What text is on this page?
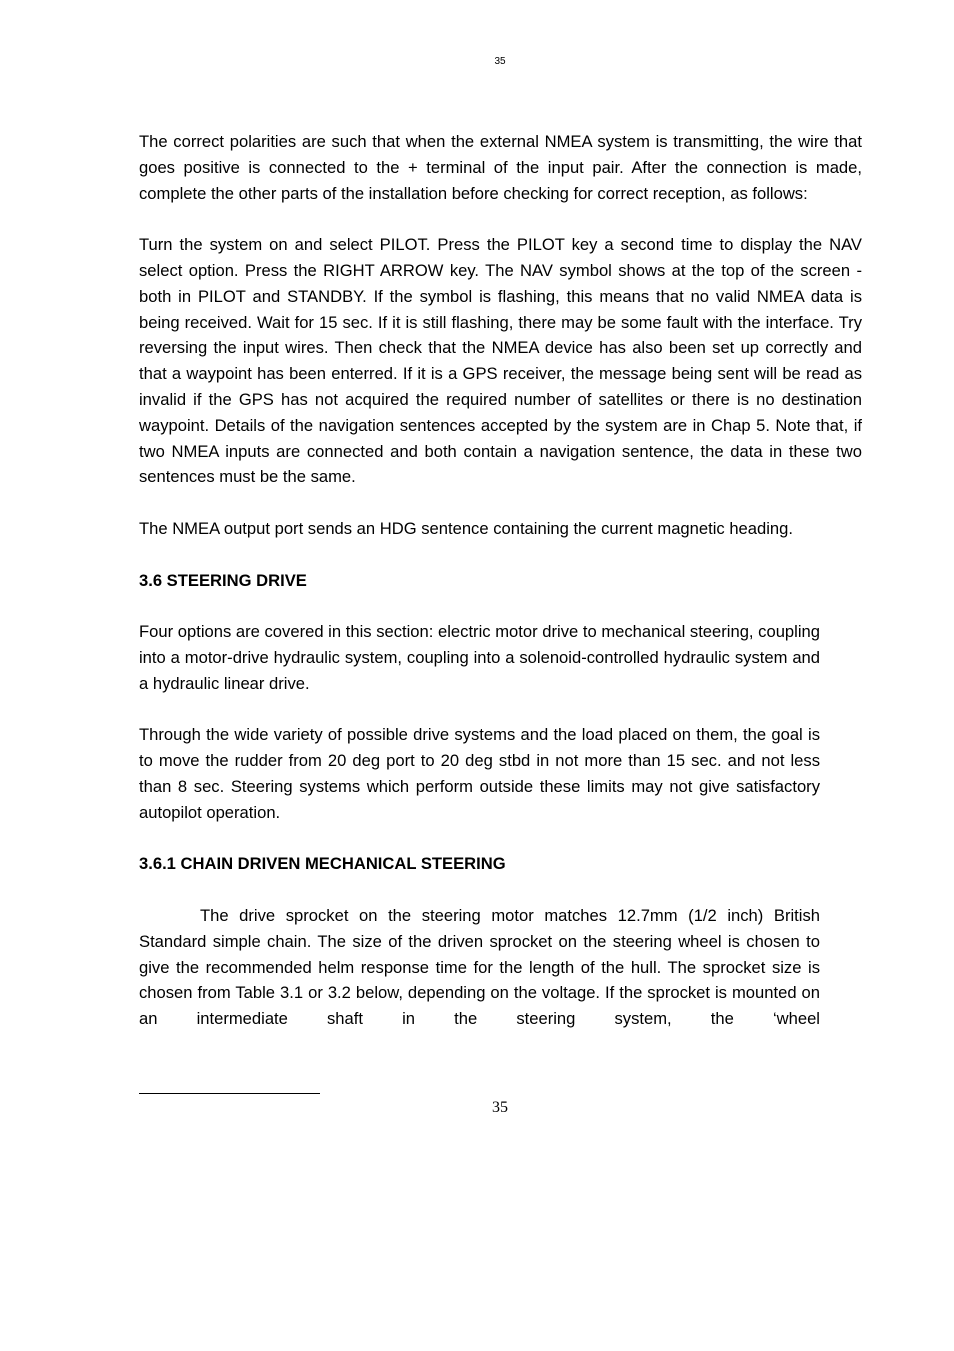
35

The correct polarities are such that when the external NMEA system is transmitting, the wire that goes positive is connected to the + terminal of the input pair. After the connection is made, complete the other parts of the installation before checking for correct reception, as follows:

Turn the system on and select PILOT. Press the PILOT key a second time to display the NAV select option. Press the RIGHT ARROW key. The NAV symbol shows at the top of the screen - both in PILOT and STANDBY. If the symbol is flashing, this means that no valid NMEA data is being received. Wait for 15 sec. If it is still flashing, there may be some fault with the interface. Try reversing the input wires. Then check that the NMEA device has also been set up correctly and that a waypoint has been enterred. If it is a GPS receiver, the message being sent will be read as invalid if the GPS has not acquired the required number of satellites or there is no destination waypoint. Details of the navigation sentences accepted by the system are in Chap 5. Note that, if two NMEA inputs are connected and both contain a navigation sentence, the data in these two sentences must be the same.

The NMEA output port sends an HDG sentence containing the current magnetic heading.

3.6 STEERING DRIVE

Four options are covered in this section: electric motor drive to mechanical steering, coupling into a motor-drive hydraulic system, coupling into a solenoid-controlled hydraulic system and a hydraulic linear drive.

Through the wide variety of possible drive systems and the load placed on them, the goal is to move the rudder from 20 deg port to 20 deg stbd in not more than 15 sec. and not less than 8 sec. Steering systems which perform outside these limits may not give satisfactory autopilot operation.

3.6.1 CHAIN DRIVEN MECHANICAL STEERING

The drive sprocket on the steering motor matches 12.7mm (1/2 inch) British Standard simple chain. The size of the driven sprocket on the steering wheel is chosen to give the recommended helm response time for the length of the hull. The sprocket size is chosen from Table 3.1 or 3.2 below, depending on the voltage. If the sprocket is mounted on an intermediate shaft in the steering system, the ‘wheel

35
